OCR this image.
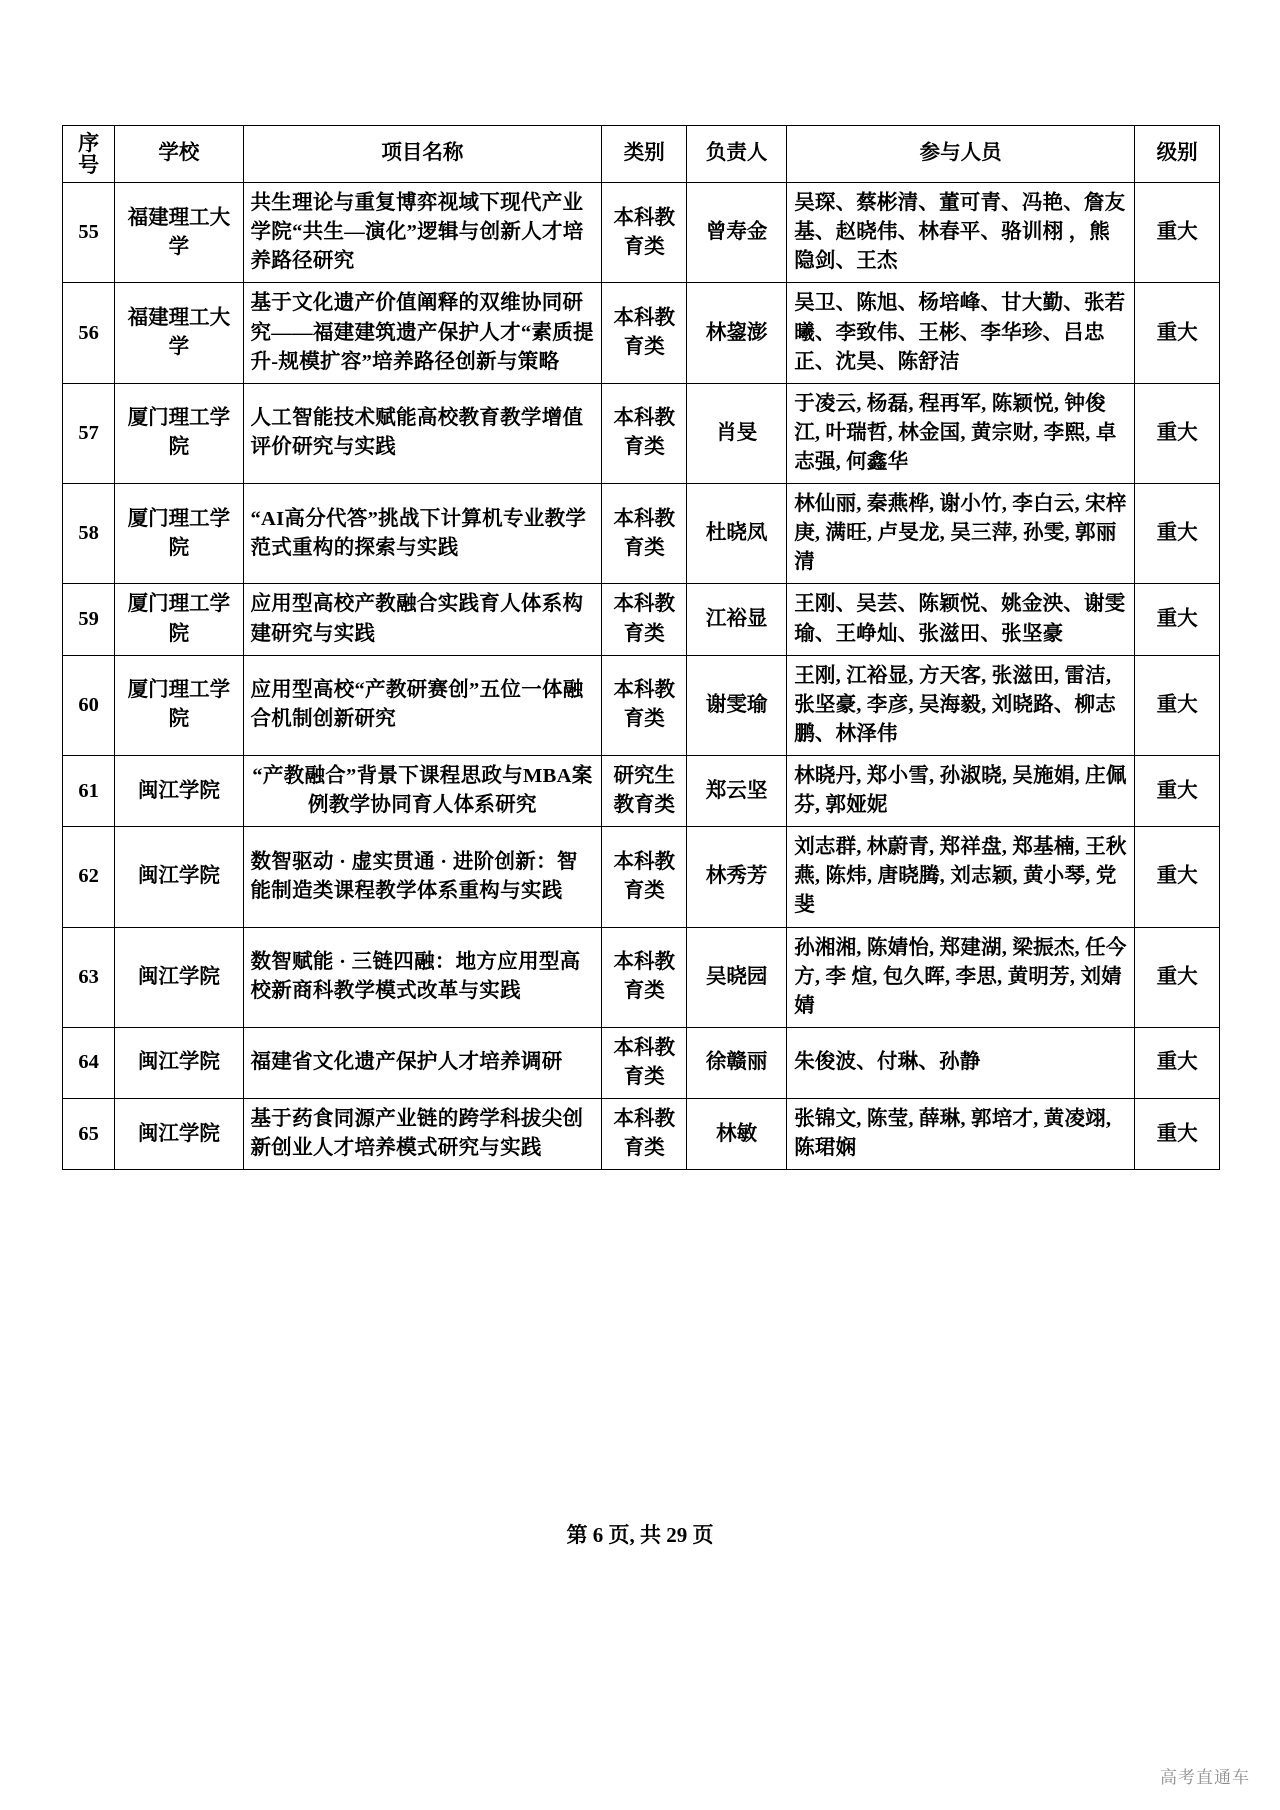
序
号	学校	项目名称	类别	负责人	参与人员	级别
55	福建理工大学	共生理论与重复博弈视域下现代产业学院“共生—演化”逻辑与创新人才培养路径研究	本科教育类	曾寿金	吴琛、蔡彬清、董可青、冯艳、詹友基、赵晓伟、林春平、骆训栩 ，熊隐剑、王杰	重大
56	福建理工大学	基于文化遗产价值阐释的双维协同研究——福建建筑遗产保护人才“素质提升-规模扩容”培养路径创新与策略	本科教育类	林鋆澎	吴卫、陈旭、杨培峰、甘大勤、张若曦、李致伟、王彬、李华珍、吕忠正、沈昊、陈舒洁	重大
57	厦门理工学院	人工智能技术赋能高校教育教学增值评价研究与实践	本科教育类	肖旻	于凌云, 杨磊, 程再军, 陈颖悦, 钟俊江, 叶瑞哲, 林金国, 黄宗财, 李熙, 卓志强, 何鑫华	重大
58	厦门理工学院	“AI高分代答”挑战下计算机专业教学范式重构的探索与实践	本科教育类	杜晓凤	林仙丽, 秦燕桦, 谢小竹, 李白云, 宋梓庚, 满旺, 卢旻龙, 吴三萍, 孙雯, 郭丽清	重大
59	厦门理工学院	应用型高校产教融合实践育人体系构建研究与实践	本科教育类	江裕显	王刚、吴芸、陈颖悦、姚金泱、谢雯瑜、王峥灿、张滋田、张坚豪	重大
60	厦门理工学院	应用型高校“产教研赛创”五位一体融合机制创新研究	本科教育类	谢雯瑜	王刚, 江裕显, 方天客, 张滋田, 雷洁, 张坚豪, 李彦, 吴海毅, 刘晓路、柳志鹏、林泽伟	重大
61	闽江学院	“产教融合”背景下课程思政与MBA案例教学协同育人体系研究	研究生教育类	郑云坚	林晓丹, 郑小雪, 孙淑晓, 吴施娟, 庄佩芬, 郭娅妮	重大
62	闽江学院	数智驱动 · 虚实贯通 · 进阶创新：智能制造类课程教学体系重构与实践	本科教育类	林秀芳	刘志群, 林蔚青, 郑祥盘, 郑基楠, 王秋燕, 陈炜, 唐晓腾, 刘志颖, 黄小琴, 党斐	重大
63	闽江学院	数智赋能 · 三链四融：地方应用型高校新商科教学模式改革与实践	本科教育类	吴晓园	孙湘湘, 陈婧怡, 郑建湖, 梁振杰, 任今方, 李 煊, 包久晖, 李思, 黄明芳, 刘婧婧	重大
64	闽江学院	福建省文化遗产保护人才培养调研	本科教育类	徐赣丽	朱俊波、付琳、孙静	重大
65	闽江学院	基于药食同源产业链的跨学科拔尖创新创业人才培养模式研究与实践	本科教育类	林敏	张锦文, 陈莹, 薛琳, 郭培才, 黄凌翊, 陈珺娴	重大
第 6 页, 共 29 页
高考直通车
